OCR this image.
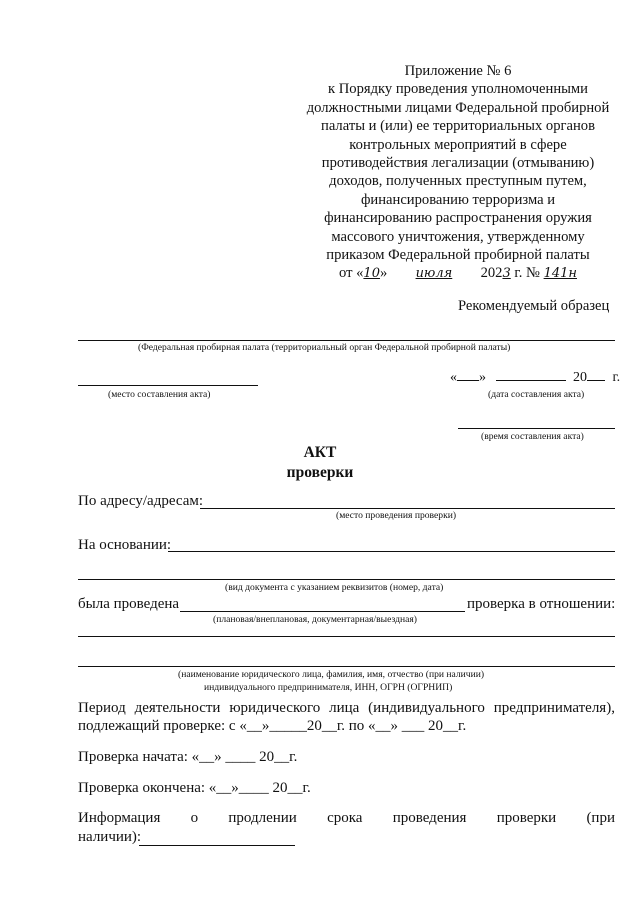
Приложение № 6
к Порядку проведения уполномоченными
должностными лицами Федеральной пробирной
палаты и (или) ее территориальных органов
контрольных мероприятий в сфере
противодействия легализации (отмыванию)
доходов, полученных преступным путем,
финансированию терроризма и
финансированию распространения оружия
массового уничтожения, утвержденному
приказом Федеральной пробирной палаты
от «10» июля 2023 г. № 141н
Рекомендуемый образец
(Федеральная пробирная палата (территориальный орган Федеральной пробирной палаты)
(место составления акта)
« »	20 г.
(дата составления акта)
(время составления акта)
АКТ
проверки
По адресу/адресам:
(место проведения проверки)
На основании:
(вид документа с указанием реквизитов (номер, дата)
была проведена	проверка в отношении:
(плановая/внеплановая, документарная/выездная)
(наименование юридического лица, фамилия, имя, отчество (при наличии)
индивидуального предпринимателя, ИНН, ОГРН (ОГРНИП)
Период деятельности юридического лица (индивидуального предпринимателя),
подлежащий проверке: с «__»_____20__г. по «__» ___ 20__г.
Проверка начата: «__» ____ 20__г.
Проверка окончена: «__»____ 20__г.
Информация о продлении срока проведения проверки (при
наличии):
